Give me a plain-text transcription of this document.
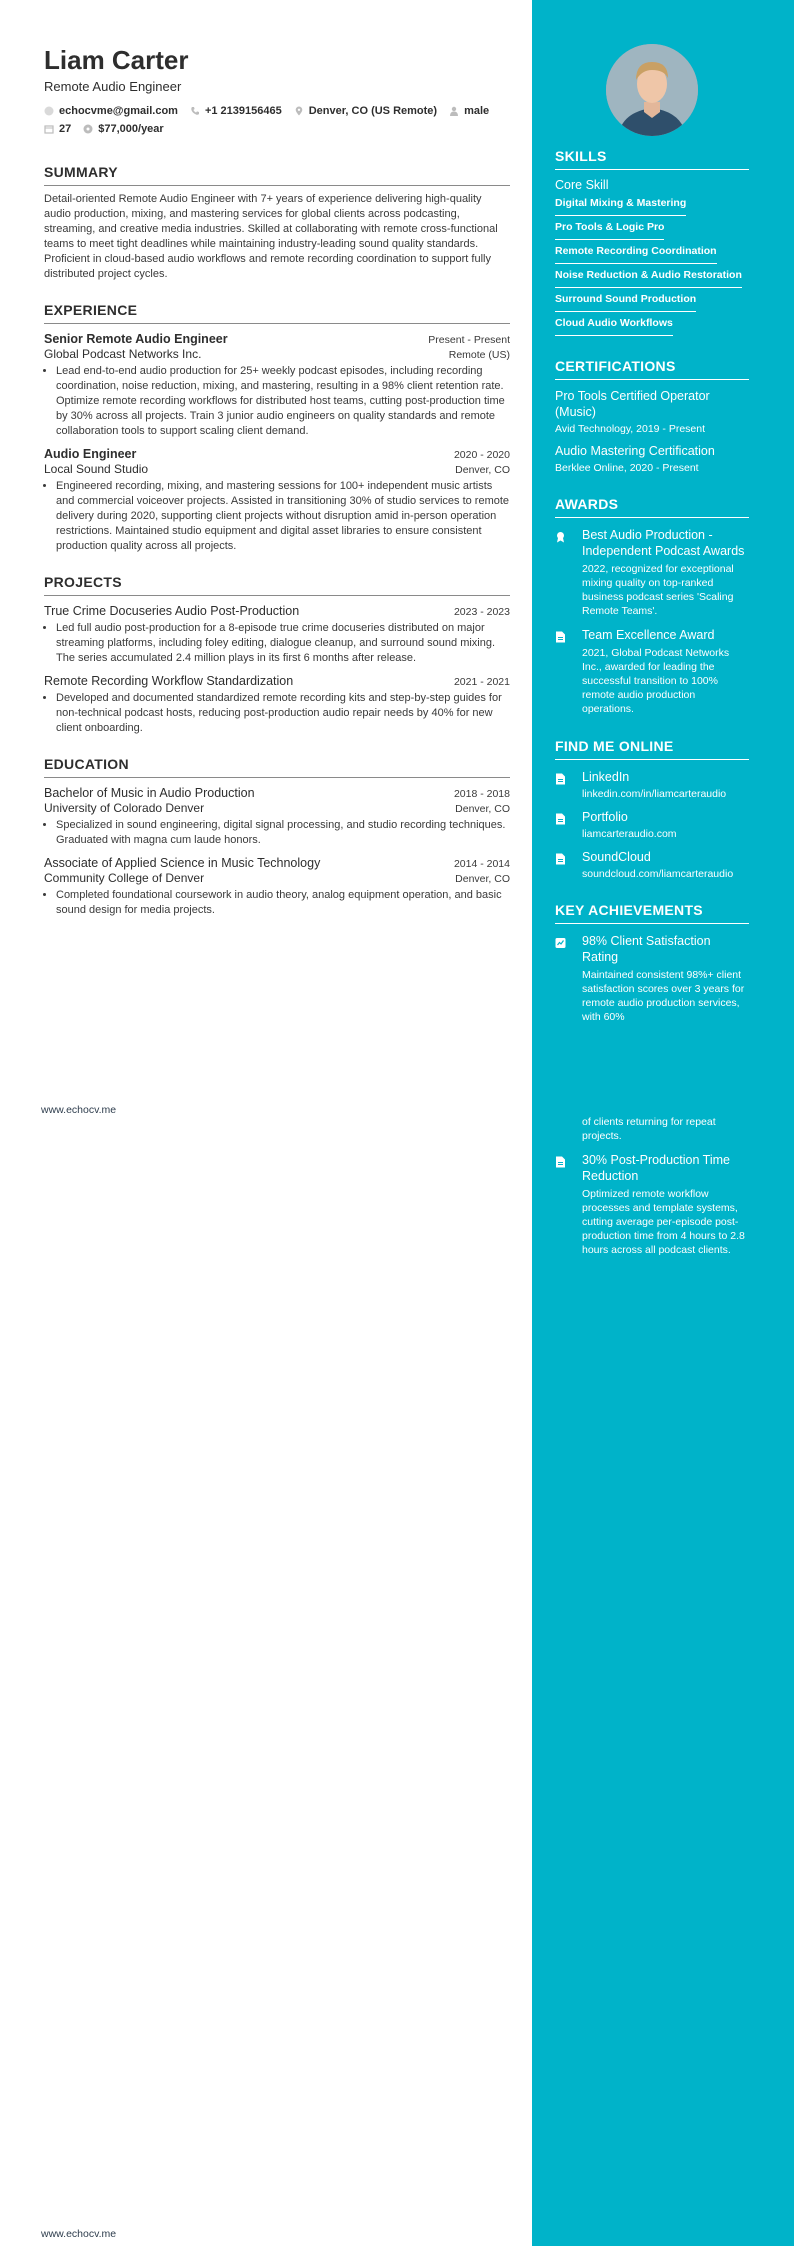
Liam Carter

Remote Audio Engineer

echocvme@gmail.com +1 2139156465 Denver, CO (US Remote) male
27 $77,000/year
SUMMARY

Detail-oriented Remote Audio Engineer with 7+ years of experience delivering high-quality audio production, mixing, and mastering services for global clients across podcasting, streaming, and creative media industries. Skilled at collaborating with remote cross-functional teams to meet tight deadlines while maintaining industry-leading sound quality standards. Proficient in cloud-based audio workflows and remote recording coordination to support fully distributed project cycles.

EXPERIENCE
Senior Remote Audio Engineer	Present - Present
Global Podcast Networks Inc.	Remote (US)
• Lead end-to-end audio production for 25+ weekly podcast episodes, including recording coordination, noise reduction, mixing, and mastering, resulting in a 98% client retention rate. Optimize remote recording workflows for distributed host teams, cutting post-production time by 30% across all projects. Train 3 junior audio engineers on quality standards and remote collaboration tools to support scaling client demand.
Audio Engineer	2020 - 2020
Local Sound Studio	Denver, CO
• Engineered recording, mixing, and mastering sessions for 100+ independent music artists and commercial voiceover projects. Assisted in transitioning 30% of studio services to remote delivery during 2020, supporting client projects without disruption amid in-person operation restrictions. Maintained studio equipment and digital asset libraries to ensure consistent production quality across all projects.
PROJECTS
True Crime Docuseries Audio Post-Production	2023 - 2023
• Led full audio post-production for a 8-episode true crime docuseries distributed on major streaming platforms, including foley editing, dialogue cleanup, and surround sound mixing. The series accumulated 2.4 million plays in its first 6 months after release.
Remote Recording Workflow Standardization	2021 - 2021
• Developed and documented standardized remote recording kits and step-by-step guides for non-technical podcast hosts, reducing post-production audio repair needs by 40% for new client onboarding.
EDUCATION
Bachelor of Music in Audio Production	2018 - 2018
University of Colorado Denver	Denver, CO
• Specialized in sound engineering, digital signal processing, and studio recording techniques. Graduated with magna cum laude honors.
Associate of Applied Science in Music Technology	2014 - 2014
Community College of Denver	Denver, CO
• Completed foundational coursework in audio theory, analog equipment operation, and basic sound design for media projects.
www.echocv.me
www.echocv.me
SKILLS
Core Skill
Digital Mixing & Mastering
Pro Tools & Logic Pro
Remote Recording Coordination
Noise Reduction & Audio Restoration
Surround Sound Production
Cloud Audio Workflows
CERTIFICATIONS
Pro Tools Certified Operator (Music)
Avid Technology, 2019 - Present
Audio Mastering Certification
Berklee Online, 2020 - Present
AWARDS
Best Audio Production - Independent Podcast Awards
2022, recognized for exceptional mixing quality on top-ranked business podcast series 'Scaling Remote Teams'.
Team Excellence Award
2021, Global Podcast Networks Inc., awarded for leading the successful transition to 100% remote audio production operations.
FIND ME ONLINE
LinkedIn
linkedin.com/in/liamcarteraudio
Portfolio
liamcarteraudio.com
SoundCloud
soundcloud.com/liamcarteraudio
KEY ACHIEVEMENTS
98% Client Satisfaction Rating
Maintained consistent 98%+ client satisfaction scores over 3 years for remote audio production services, with 60%
of clients returning for repeat projects.
30% Post-Production Time Reduction
Optimized remote workflow processes and template systems, cutting average per-episode post-production time from 4 hours to 2.8 hours across all podcast clients.
